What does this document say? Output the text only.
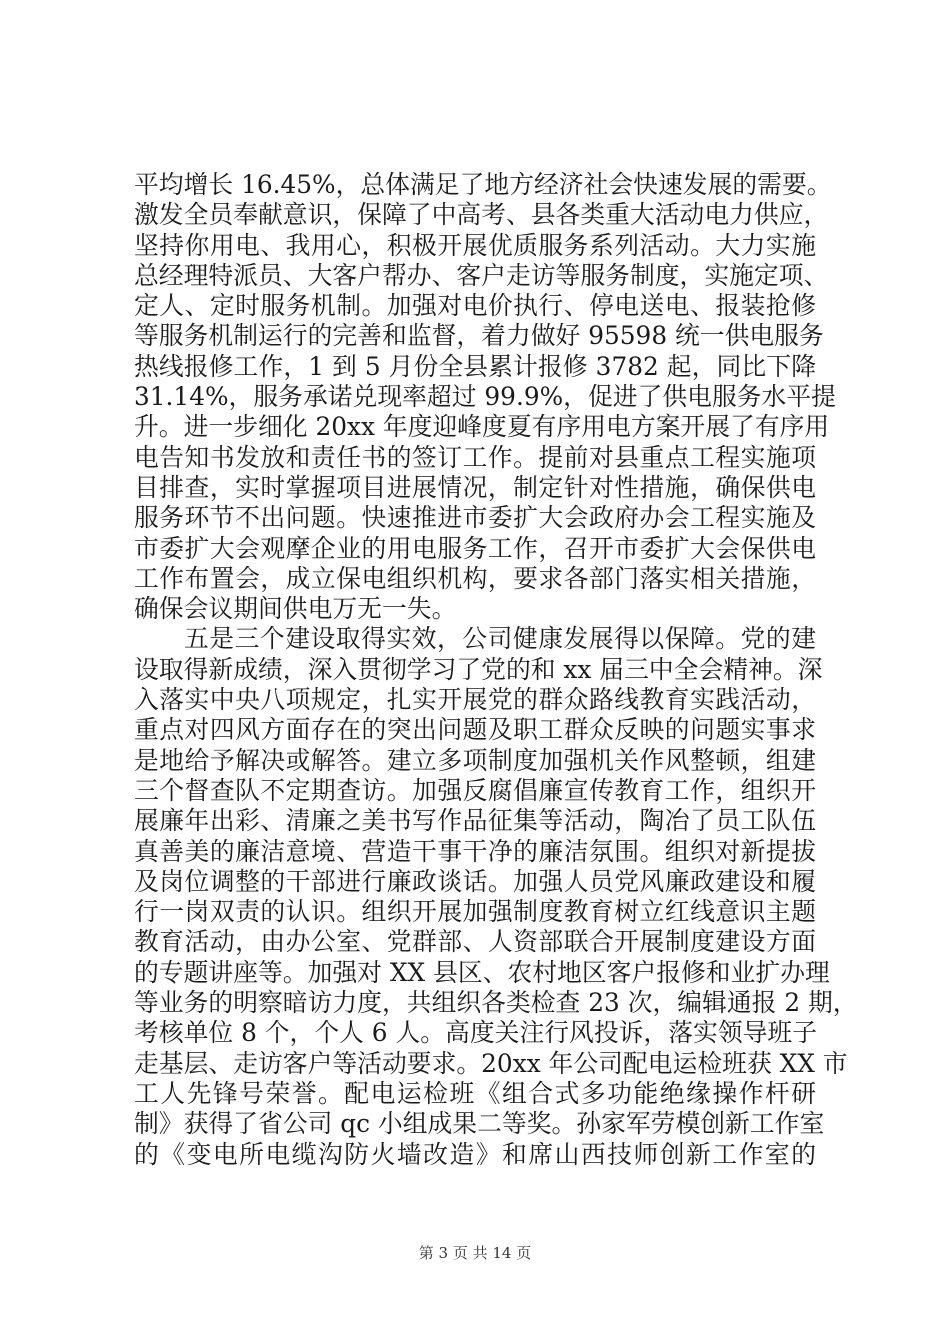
平均增长 16.45%，总体满足了地方经济社会快速发展的需要。
激发全员奉献意识，保障了中高考、县各类重大活动电力供应，
坚持你用电、我用心，积极开展优质服务系列活动。大力实施
总经理特派员、大客户帮办、客户走访等服务制度，实施定项、
定人、定时服务机制。加强对电价执行、停电送电、报装抢修
等服务机制运行的完善和监督，着力做好 95598 统一供电服务
热线报修工作，1 到 5 月份全县累计报修 3782 起，同比下降
31.14%，服务承诺兑现率超过 99.9%，促进了供电服务水平提
升。进一步细化 20xx 年度迎峰度夏有序用电方案开展了有序用
电告知书发放和责任书的签订工作。提前对县重点工程实施项
目排查，实时掌握项目进展情况，制定针对性措施，确保供电
服务环节不出问题。快速推进市委扩大会政府办会工程实施及
市委扩大会观摩企业的用电服务工作，召开市委扩大会保供电
工作布置会，成立保电组织机构，要求各部门落实相关措施，
确保会议期间供电万无一失。
五是三个建设取得实效，公司健康发展得以保障。党的建
设取得新成绩，深入贯彻学习了党的和 xx 届三中全会精神。深
入落实中央八项规定，扎实开展党的群众路线教育实践活动，
重点对四风方面存在的突出问题及职工群众反映的问题实事求
是地给予解决或解答。建立多项制度加强机关作风整顿，组建
三个督查队不定期查访。加强反腐倡廉宣传教育工作，组织开
展廉年出彩、清廉之美书写作品征集等活动，陶冶了员工队伍
真善美的廉洁意境、营造干事干净的廉洁氛围。组织对新提拔
及岗位调整的干部进行廉政谈话。加强人员党风廉政建设和履
行一岗双责的认识。组织开展加强制度教育树立红线意识主题
教育活动，由办公室、党群部、人资部联合开展制度建设方面
的专题讲座等。加强对 XX 县区、农村地区客户报修和业扩办理
等业务的明察暗访力度，共组织各类检查 23 次，编辑通报 2 期，
考核单位 8 个，个人 6 人。高度关注行风投诉，落实领导班子
走基层、走访客户等活动要求。20xx 年公司配电运检班获 XX 市
工人先锋号荣誉。配电运检班《组合式多功能绝缘操作杆研
制》获得了省公司 qc 小组成果二等奖。孙家军劳模创新工作室
的《变电所电缆沟防火墙改造》和席山西技师创新工作室的
第 3 页 共 14 页
